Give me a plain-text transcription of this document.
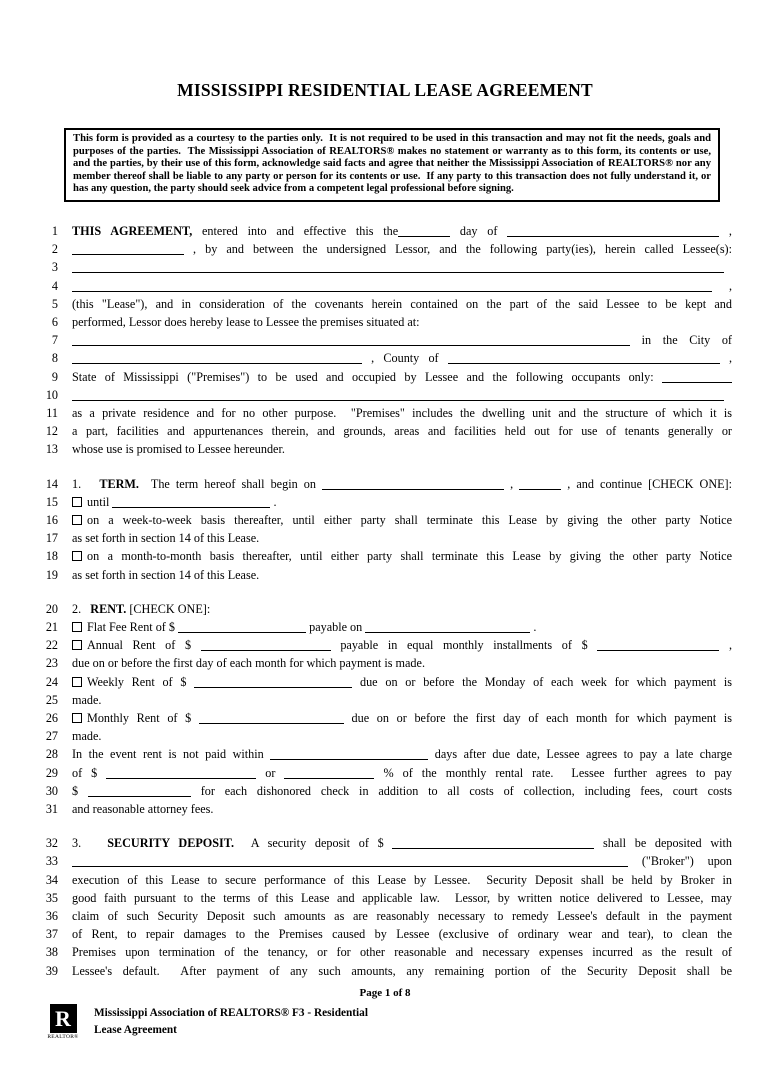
MISSISSIPPI RESIDENTIAL LEASE AGREEMENT

This form is provided as a courtesy to the parties only.  It is not required to be used in this transaction and may not fit the needs, goals and purposes of the parties.  The Mississippi Association of REALTORS® makes no statement or warranty as to this form, its contents or use, and the parties, by their use of this form, acknowledge said facts and agree that neither the Mississippi Association of REALTORS® nor any member thereof shall be liable to any party or person for its contents or use.  If any party to this transaction does not fully understand it, or has any question, the party should seek advice from a competent legal professional before signing.

1 THIS AGREEMENT, entered into and effective this the	day of	,
2	, by and between the undersigned Lessor, and the following party(ies), herein called Lessee(s):
3
4	,
5 (this "Lease"), and in consideration of the covenants herein contained on the part of the said Lessee to be kept and
6 performed, Lessor does hereby lease to Lessee the premises situated at:
7	in the City of
8	, County of	,
9 State of Mississippi ("Premises") to be used and occupied by Lessee and the following occupants only:
10
11 as a private residence and for no other purpose.  "Premises" includes the dwelling unit and the structure of which it is
12 a part, facilities and appurtenances therein, and grounds, areas and facilities held out for use of tenants generally or
13 whose use is promised to Lessee hereunder.
14 1.   TERM.  The term hereof shall begin on	,	, and continue [CHECK ONE]:
15	until	.
16	on a week-to-week basis thereafter, until either party shall terminate this Lease by giving the other party Notice
17 as set forth in section 14 of this Lease.
18	on a month-to-month basis thereafter, until either party shall terminate this Lease by giving the other party Notice
19 as set forth in section 14 of this Lease.
20 2.   RENT. [CHECK ONE]:
21	Flat Fee Rent of $	payable on	.
22	Annual Rent of $	payable in equal monthly installments of $	,
23 due on or before the first day of each month for which payment is made.
24	Weekly Rent of $	due on or before the Monday of each week for which payment is
25 made.
26	Monthly Rent of $	due on or before the first day of each month for which payment is
27 made.
28 In the event rent is not paid within	days after due date, Lessee agrees to pay a late charge
29 of $	or	% of the monthly rental rate.  Lessee further agrees to pay
30 $	for each dishonored check in addition to all costs of collection, including fees, court costs
31 and reasonable attorney fees.
32 3.   SECURITY DEPOSIT.  A security deposit of $	shall be deposited with
33	("Broker") upon
34 execution of this Lease to secure performance of this Lease by Lessee.  Security Deposit shall be held by Broker in
35 good faith pursuant to the terms of this Lease and applicable law.  Lessor, by written notice delivered to Lessee, may
36 claim of such Security Deposit such amounts as are reasonably necessary to remedy Lessee's default in the payment
37 of Rent, to repair damages to the Premises caused by Lessee (exclusive of ordinary wear and tear), to clean the
38 Premises upon termination of the tenancy, or for other reasonable and necessary expenses incurred as the result of
39 Lessee's default.  After payment of any such amounts, any remaining portion of the Security Deposit shall be
Page 1 of 8
R
REALTOR®
Mississippi Association of REALTORS® F3 - Residential
Lease Agreement
